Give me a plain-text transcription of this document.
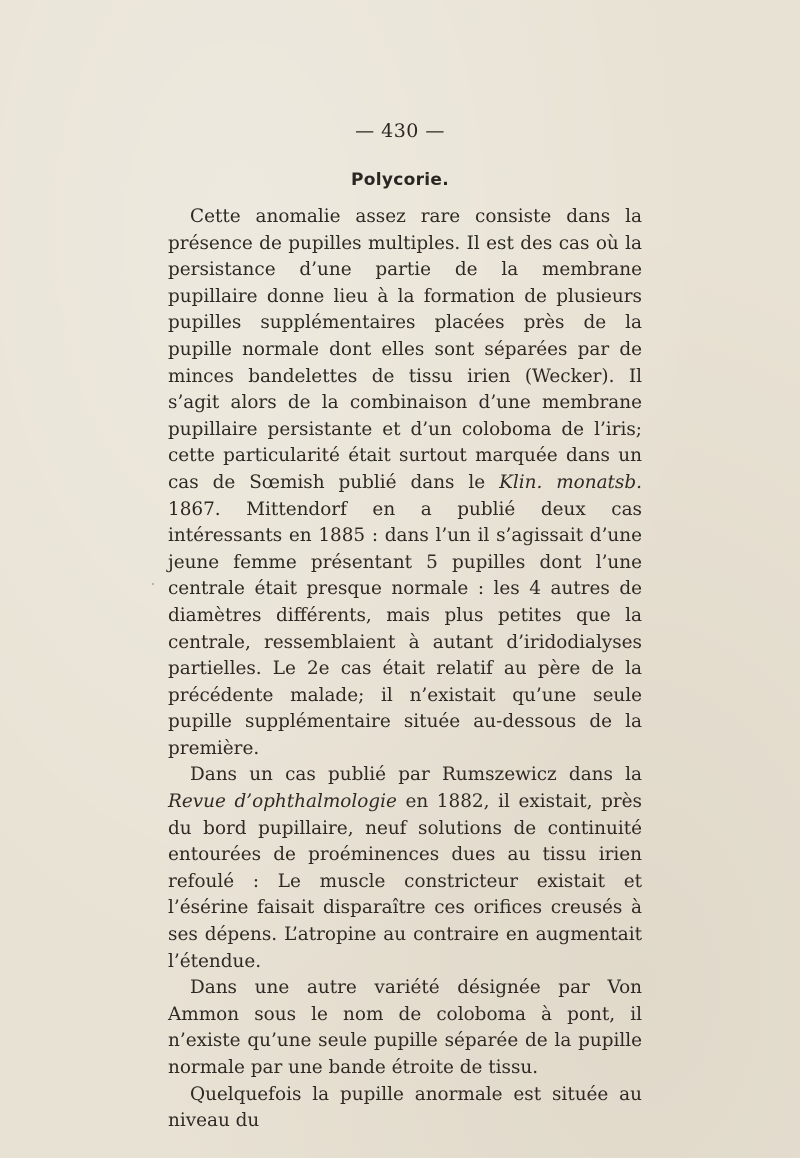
— 430 —
Polycorie.

Cette anomalie assez rare consiste dans la présence de pupilles multiples. Il est des cas où la persistance d’une partie de la membrane pupillaire donne lieu à la formation de plusieurs pupilles supplémentaires placées près de la pupille normale dont elles sont séparées par de minces bandelettes de tissu irien (Wecker). Il s’agit alors de la combinaison d’une membrane pupillaire persistante et d’un coloboma de l’iris; cette particularité était surtout marquée dans un cas de Sœmish publié dans le Klin. monatsb. 1867. Mittendorf en a publié deux cas intéressants en 1885 : dans l’un il s’agissait d’une jeune femme présentant 5 pupilles dont l’une centrale était presque normale : les 4 autres de diamètres différents, mais plus petites que la centrale, ressemblaient à autant d’iridodialyses partielles. Le 2e cas était relatif au père de la précédente malade; il n’existait qu’une seule pupille supplémentaire située au-dessous de la première.

Dans un cas publié par Rumszewicz dans la Revue d’ophthalmologie en 1882, il existait, près du bord pupillaire, neuf solutions de continuité entourées de proéminences dues au tissu irien refoulé : Le muscle constricteur existait et l’ésérine faisait disparaître ces orifices creusés à ses dépens. L’atropine au contraire en augmentait l’étendue.

Dans une autre variété désignée par Von Ammon sous le nom de coloboma à pont, il n’existe qu’une seule pupille séparée de la pupille normale par une bande étroite de tissu.

Quelquefois la pupille anormale est située au niveau du
